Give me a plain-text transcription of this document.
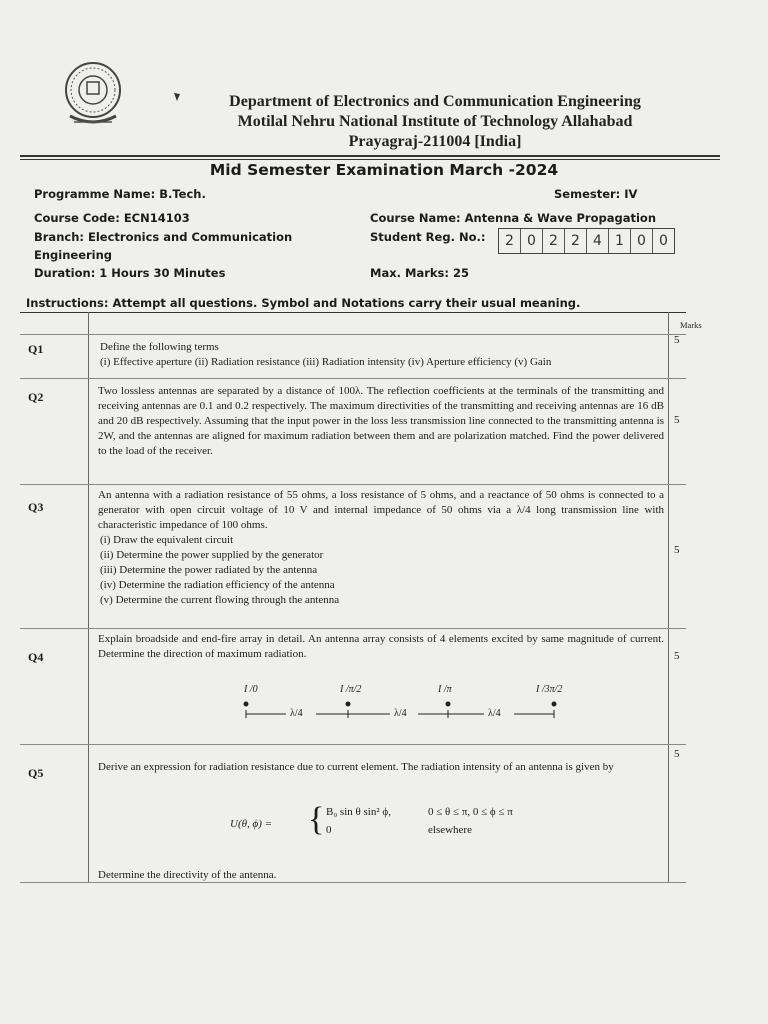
Department of Electronics and Communication Engineering
Motilal Nehru National Institute of Technology Allahabad
Prayagraj-211004 [India]
Mid Semester Examination March -2024
Programme Name: B.Tech.	Semester: IV
Course Code: ECN14103	Course Name: Antenna & Wave Propagation
Branch: Electronics and Communication	Student Reg. No.:
Engineering
Duration: 1 Hours 30 Minutes	Max. Marks: 25
2 0 2 2 4 1 0 0
Instructions: Attempt all questions. Symbol and Notations carry their usual meaning.
Marks
Q1	Define the following terms
(i) Effective aperture (ii) Radiation resistance (iii) Radiation intensity (iv) Aperture efficiency (v) Gain
5
Q2	Two lossless antennas are separated by a distance of 100λ. The reflection coefficients at the terminals of the transmitting and receiving antennas are 0.1 and 0.2 respectively. The maximum directivities of the transmitting and receiving antennas are 16 dB and 20 dB respectively. Assuming that the input power in the loss less transmission line connected to the transmitting antenna is 2W, and the antennas are aligned for maximum radiation between them and are polarization matched. Find the power delivered to the load of the receiver.
5
Q3
An antenna with a radiation resistance of 55 ohms, a loss resistance of 5 ohms, and a reactance of 50 ohms is connected to a generator with open circuit voltage of 10 V and internal impedance of 50 ohms via a λ/4 long transmission line with characteristic impedance of 100 ohms.
(i) Draw the equivalent circuit
(ii) Determine the power supplied by the generator
(iii) Determine the power radiated by the antenna
(iv) Determine the radiation efficiency of the antenna
(v) Determine the current flowing through the antenna
5
Q4
Explain broadside and end-fire array in detail. An antenna array consists of 4 elements excited by same magnitude of current. Determine the direction of maximum radiation.	5
I /0	I /π/2	I /π	I /3π/2
λ/4	λ/4	λ/4
Q5	Derive an expression for radiation resistance due to current element. The radiation intensity of an antenna is given by
5
U(θ, ϕ) = { B₀ sin θ sin² ϕ,	0 ≤ θ ≤ π, 0 ≤ ϕ ≤ π
0	elsewhere
Determine the directivity of the antenna.
